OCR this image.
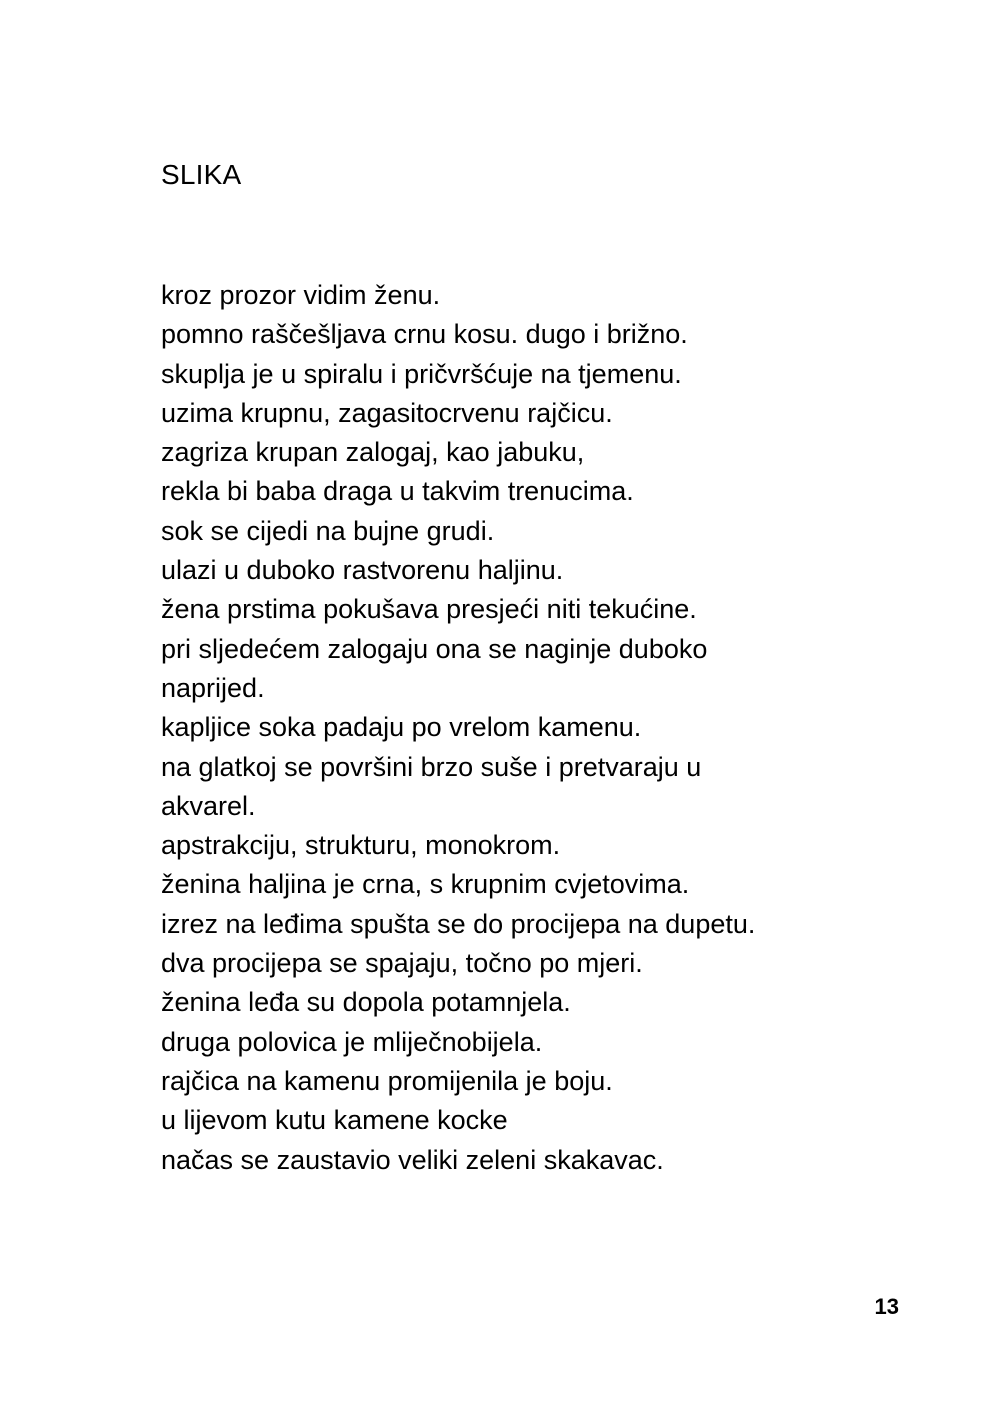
SLIKA
kroz prozor vidim ženu.
pomno raščešljava crnu kosu. dugo i brižno.
skuplja je u spiralu i pričvršćuje na tjemenu.
uzima krupnu, zagasitocrvenu rajčicu.
zagriza krupan zalogaj, kao jabuku,
rekla bi baba draga u takvim trenucima.
sok se cijedi na bujne grudi.
ulazi u duboko rastvorenu haljinu.
žena prstima pokušava presjeći niti tekućine.
pri sljedećem zalogaju ona se naginje duboko
naprijed.
kapljice soka padaju po vrelom kamenu.
na glatkoj se površini brzo suše i pretvaraju u
akvarel.
apstrakciju, strukturu, monokrom.
ženina haljina je crna, s krupnim cvjetovima.
izrez na leđima spušta se do procijepa na dupetu.
dva procijepa se spajaju, točno po mjeri.
ženina leđa su dopola potamnjela.
druga polovica je mliječnobijela.
rajčica na kamenu promijenila je boju.
u lijevom kutu kamene kocke
načas se zaustavio veliki zeleni skakavac.
13
